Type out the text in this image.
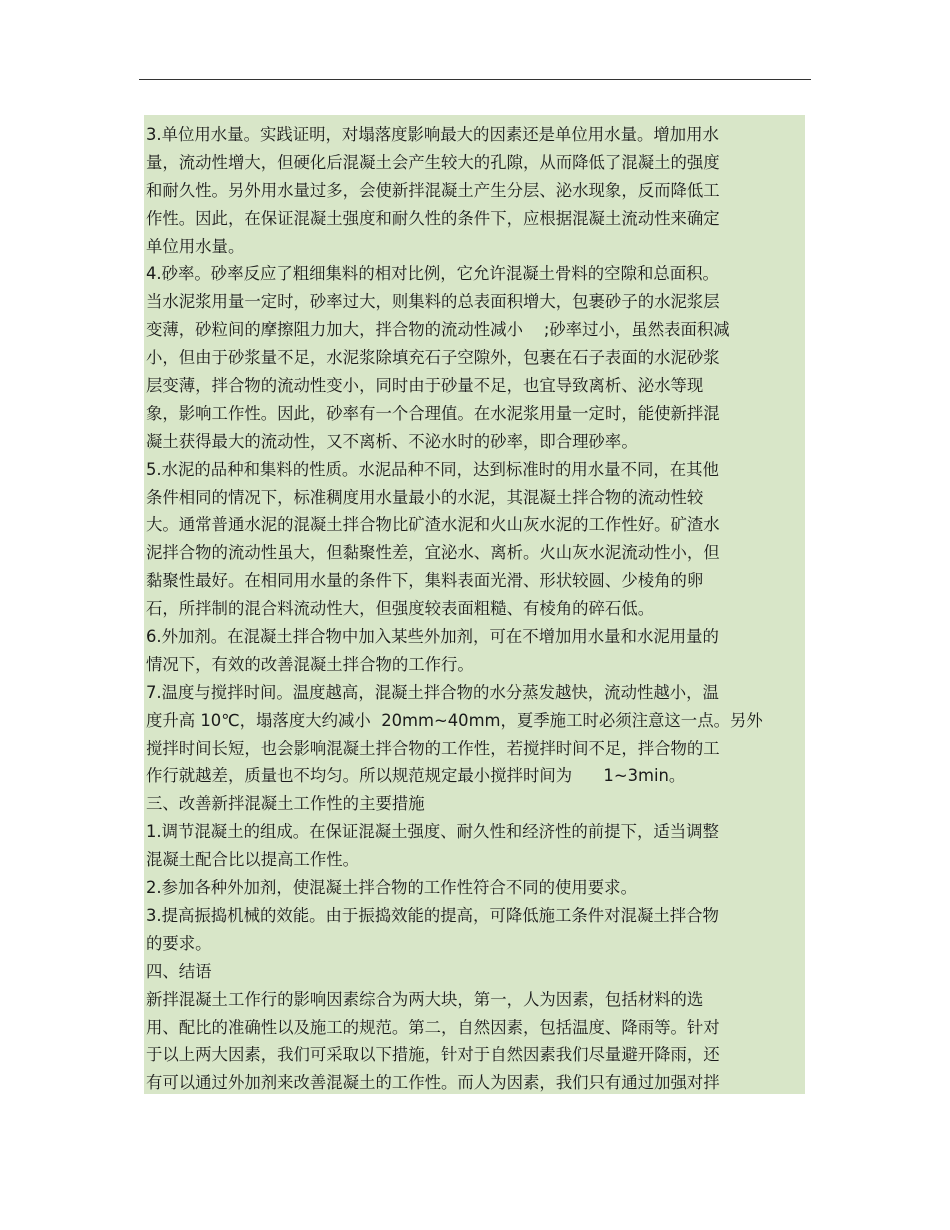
3.单位用水量。实践证明，对塌落度影响最大的因素还是单位用水量。增加用水
量，流动性增大，但硬化后混凝土会产生较大的孔隙，从而降低了混凝土的强度
和耐久性。另外用水量过多，会使新拌混凝土产生分层、泌水现象，反而降低工
作性。因此，在保证混凝土强度和耐久性的条件下，应根据混凝土流动性来确定
单位用水量。
4.砂率。砂率反应了粗细集料的相对比例，它允许混凝土骨料的空隙和总面积。
当水泥浆用量一定时，砂率过大，则集料的总表面积增大，包裹砂子的水泥浆层
变薄，砂粒间的摩擦阻力加大，拌合物的流动性减小    ;砂率过小，虽然表面积减
小，但由于砂浆量不足，水泥浆除填充石子空隙外，包裹在石子表面的水泥砂浆
层变薄，拌合物的流动性变小，同时由于砂量不足，也宜导致离析、泌水等现
象，影响工作性。因此，砂率有一个合理值。在水泥浆用量一定时，能使新拌混
凝土获得最大的流动性，又不离析、不泌水时的砂率，即合理砂率。
5.水泥的品种和集料的性质。水泥品种不同，达到标准时的用水量不同，在其他
条件相同的情况下，标准稠度用水量最小的水泥，其混凝土拌合物的流动性较
大。通常普通水泥的混凝土拌合物比矿渣水泥和火山灰水泥的工作性好。矿渣水
泥拌合物的流动性虽大，但黏聚性差，宜泌水、离析。火山灰水泥流动性小，但
黏聚性最好。在相同用水量的条件下，集料表面光滑、形状较圆、少棱角的卵
石，所拌制的混合料流动性大，但强度较表面粗糙、有棱角的碎石低。
6.外加剂。在混凝土拌合物中加入某些外加剂，可在不增加用水量和水泥用量的
情况下，有效的改善混凝土拌合物的工作行。
7.温度与搅拌时间。温度越高，混凝土拌合物的水分蒸发越快，流动性越小，温
度升高 10℃，塌落度大约减小  20mm~40mm，夏季施工时必须注意这一点。另外
搅拌时间长短，也会影响混凝土拌合物的工作性，若搅拌时间不足，拌合物的工
作行就越差，质量也不均匀。所以规范规定最小搅拌时间为      1~3min。
三、改善新拌混凝土工作性的主要措施
1.调节混凝土的组成。在保证混凝土强度、耐久性和经济性的前提下，适当调整
混凝土配合比以提高工作性。
2.参加各种外加剂，使混凝土拌合物的工作性符合不同的使用要求。
3.提高振捣机械的效能。由于振捣效能的提高，可降低施工条件对混凝土拌合物
的要求。
四、结语
新拌混凝土工作行的影响因素综合为两大块，第一，人为因素，包括材料的选
用、配比的准确性以及施工的规范。第二，自然因素，包括温度、降雨等。针对
于以上两大因素，我们可采取以下措施，针对于自然因素我们尽量避开降雨，还
有可以通过外加剂来改善混凝土的工作性。而人为因素，我们只有通过加强对拌
